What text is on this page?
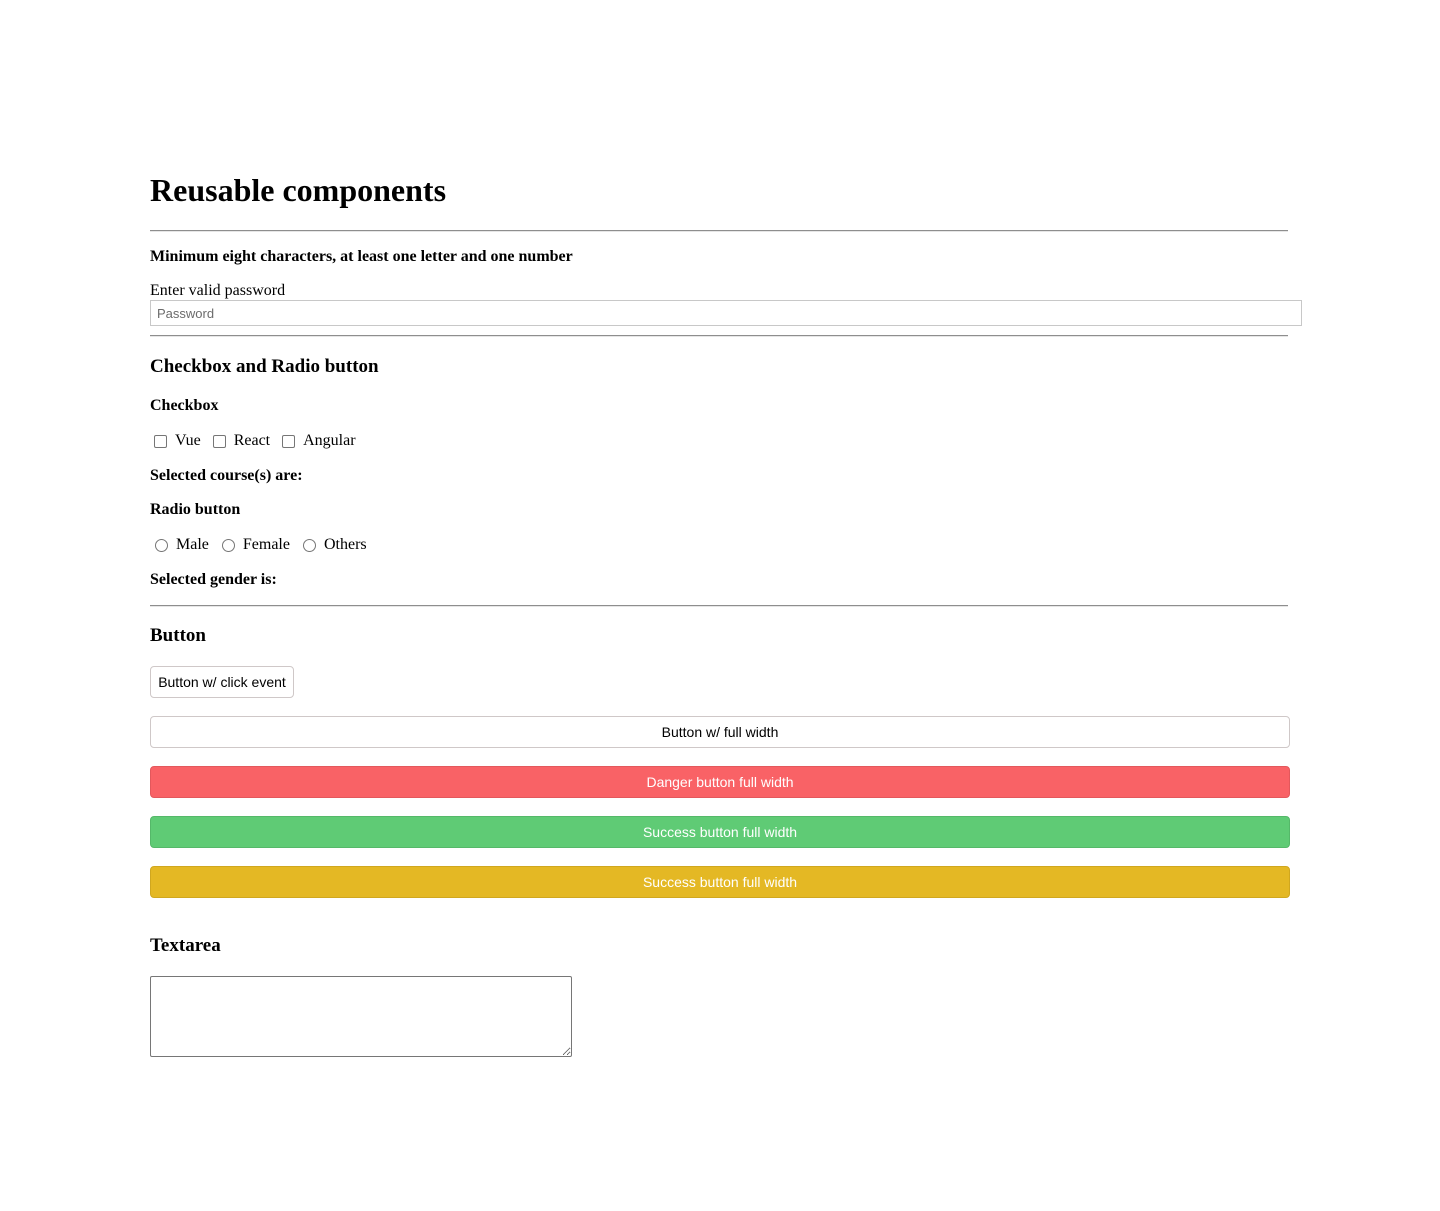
Reusable components
Minimum eight characters, at least one letter and one number
Enter valid password
Checkbox and Radio button
Checkbox
Vue React Angular
Selected course(s) are:
Radio button
Male Female Others
Selected gender is:
Button
Button w/ click event
Button w/ full width
Danger button full width
Success button full width
Success button full width
Textarea
